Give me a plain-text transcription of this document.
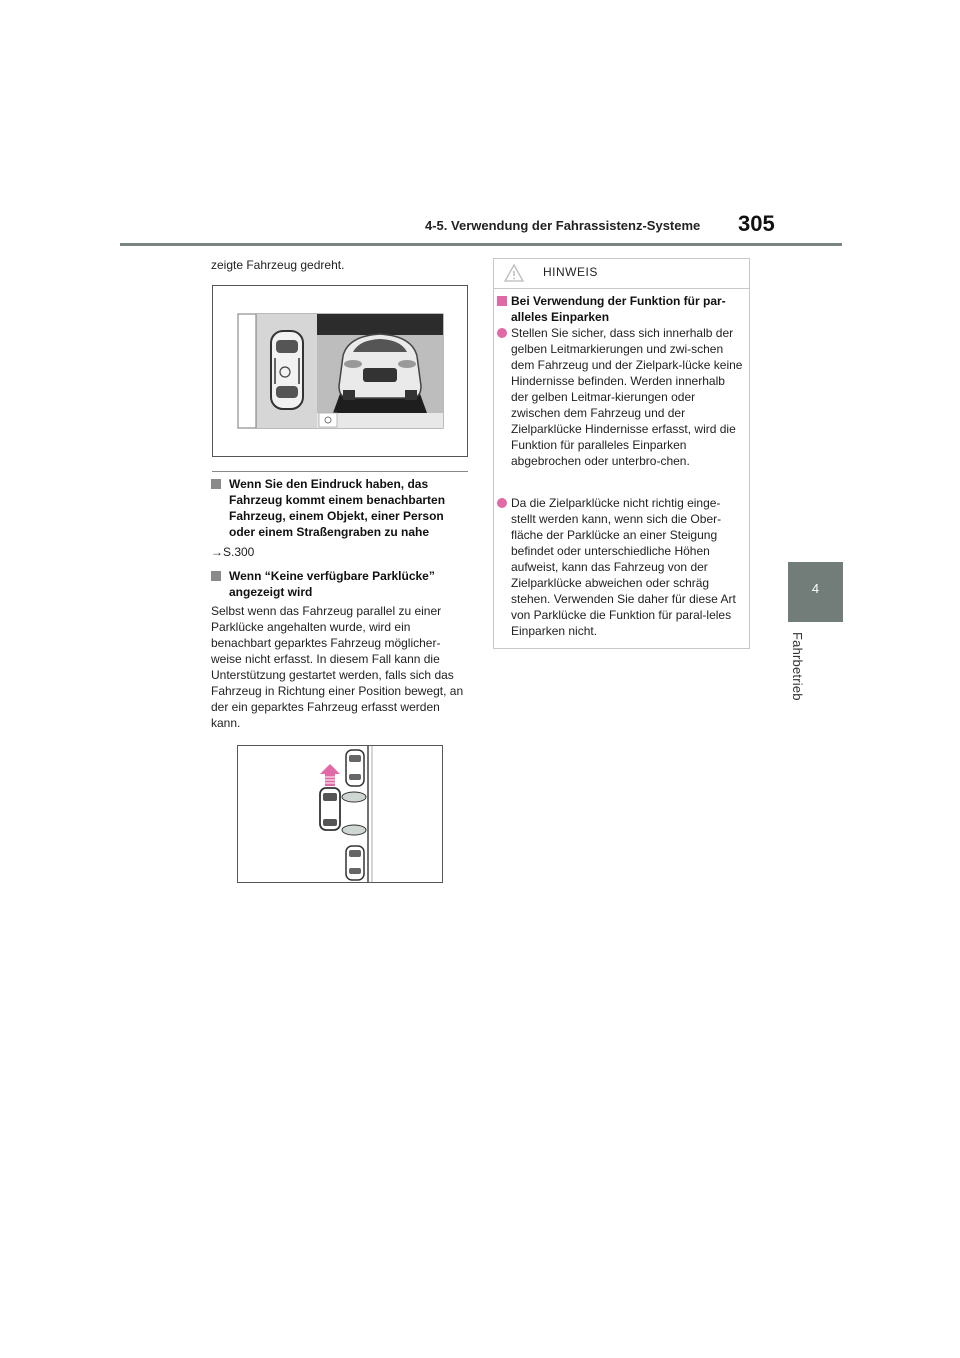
4-5. Verwendung der Fahrassistenz-Systeme 305
4
Fahrbetrieb
zeigte Fahrzeug gedreht.
Wenn Sie den Eindruck haben, das Fahrzeug kommt einem benachbarten Fahrzeug, einem Objekt, einer Person oder einem Straßengraben zu nahe
→S.300
Wenn “Keine verfügbare Parklücke” angezeigt wird
Selbst wenn das Fahrzeug parallel zu einer Parklücke angehalten wurde, wird ein benachbart geparktes Fahrzeug möglicher-weise nicht erfasst. In diesem Fall kann die Unterstützung gestartet werden, falls sich das Fahrzeug in Richtung einer Position bewegt, an der ein geparktes Fahrzeug erfasst werden kann.
HINWEIS
Bei Verwendung der Funktion für par-alleles Einparken
Stellen Sie sicher, dass sich innerhalb der gelben Leitmarkierungen und zwi-schen dem Fahrzeug und der Zielpark-lücke keine Hindernisse befinden. Werden innerhalb der gelben Leitmar-kierungen oder zwischen dem Fahrzeug und der Zielparklücke Hindernisse erfasst, wird die Funktion für paralleles Einparken abgebrochen oder unterbro-chen.
Da die Zielparklücke nicht richtig einge-stellt werden kann, wenn sich die Ober-fläche der Parklücke an einer Steigung befindet oder unterschiedliche Höhen aufweist, kann das Fahrzeug von der Zielparklücke abweichen oder schräg stehen. Verwenden Sie daher für diese Art von Parklücke die Funktion für paral-leles Einparken nicht.
